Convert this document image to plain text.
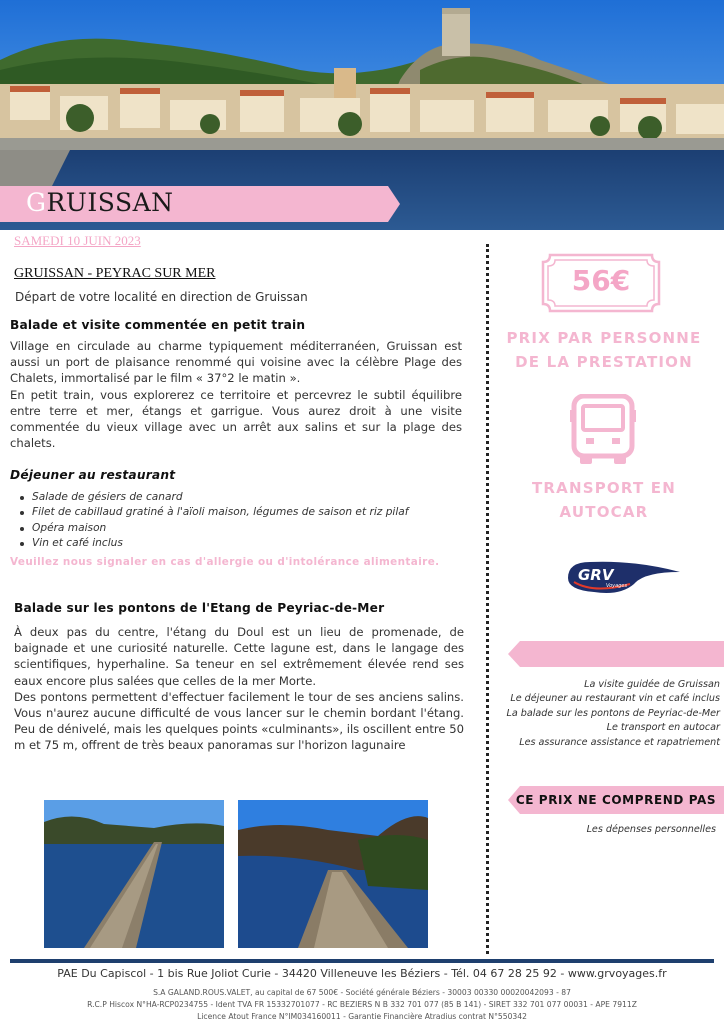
GRUISSAN
SAMEDI 10 JUIN 2023
GRUISSAN - PEYRAC SUR MER
Départ de votre localité en direction de Gruissan
Balade et visite commentée en petit train

Village en circulade au charme typiquement méditerranéen, Gruissan est aussi un port de plaisance renommé qui voisine avec la célèbre Plage des Chalets, immortalisé par le film « 37°2 le matin ».

En petit train, vous explorerez ce territoire et percevrez le subtil équilibre entre terre et mer, étangs et garrigue. Vous aurez droit à une visite commentée du vieux village avec un arrêt aux salins et sur la plage des chalets.

Déjeuner au restaurant
Salade de gésiers de canard
Filet de cabillaud gratiné à l'aïoli maison, légumes de saison et riz pilaf
Opéra maison
Vin et café inclus
Veuillez nous signaler en cas d'allergie ou d'intolérance alimentaire.
Balade sur les pontons de l'Etang de Peyriac-de-Mer

À deux pas du centre, l'étang du Doul est un lieu de promenade, de baignade et une curiosité naturelle. Cette lagune est, dans le langage des scientifiques, hyperhaline. Sa teneur en sel extrêmement élevée rend ses eaux encore plus salées que celles de la mer Morte.

Des pontons permettent d'effectuer facilement le tour de ses anciens salins. Vous n'aurez aucune difficulté de vous lancer sur le chemin bordant l'étang. Peu de dénivelé, mais les quelques points «culminants», ils oscillent entre 50 m et 75 m, offrent de très beaux panoramas sur l'horizon lagunaire

56€
PRIX PAR PERSONNE
DE LA PRESTATION
TRANSPORT EN
AUTOCAR
GRV
Voyages
La visite guidée de Gruissan
Le déjeuner au restaurant vin et café inclus
La balade sur les pontons de Peyriac-de-Mer
Le transport en autocar
Les assurance assistance et rapatriement
CE PRIX NE COMPREND PAS
Les dépenses personnelles
PAE Du Capiscol - 1 bis Rue Joliot Curie - 34420 Villeneuve les Béziers - Tél. 04 67 28 25 92 - www.grvoyages.fr
S.A GALAND.ROUS.VALET, au capital de 67 500€ - Société générale Béziers - 30003 00330 00020042093 - 87
R.C.P Hiscox N°HA-RCP0234755 - Ident TVA FR 15332701077 - RC BEZIERS N B 332 701 077 (85 B 141) - SIRET 332 701 077 00031 - APE 7911Z
Licence Atout France N°IM034160011 - Garantie Financière Atradius contrat N°550342
